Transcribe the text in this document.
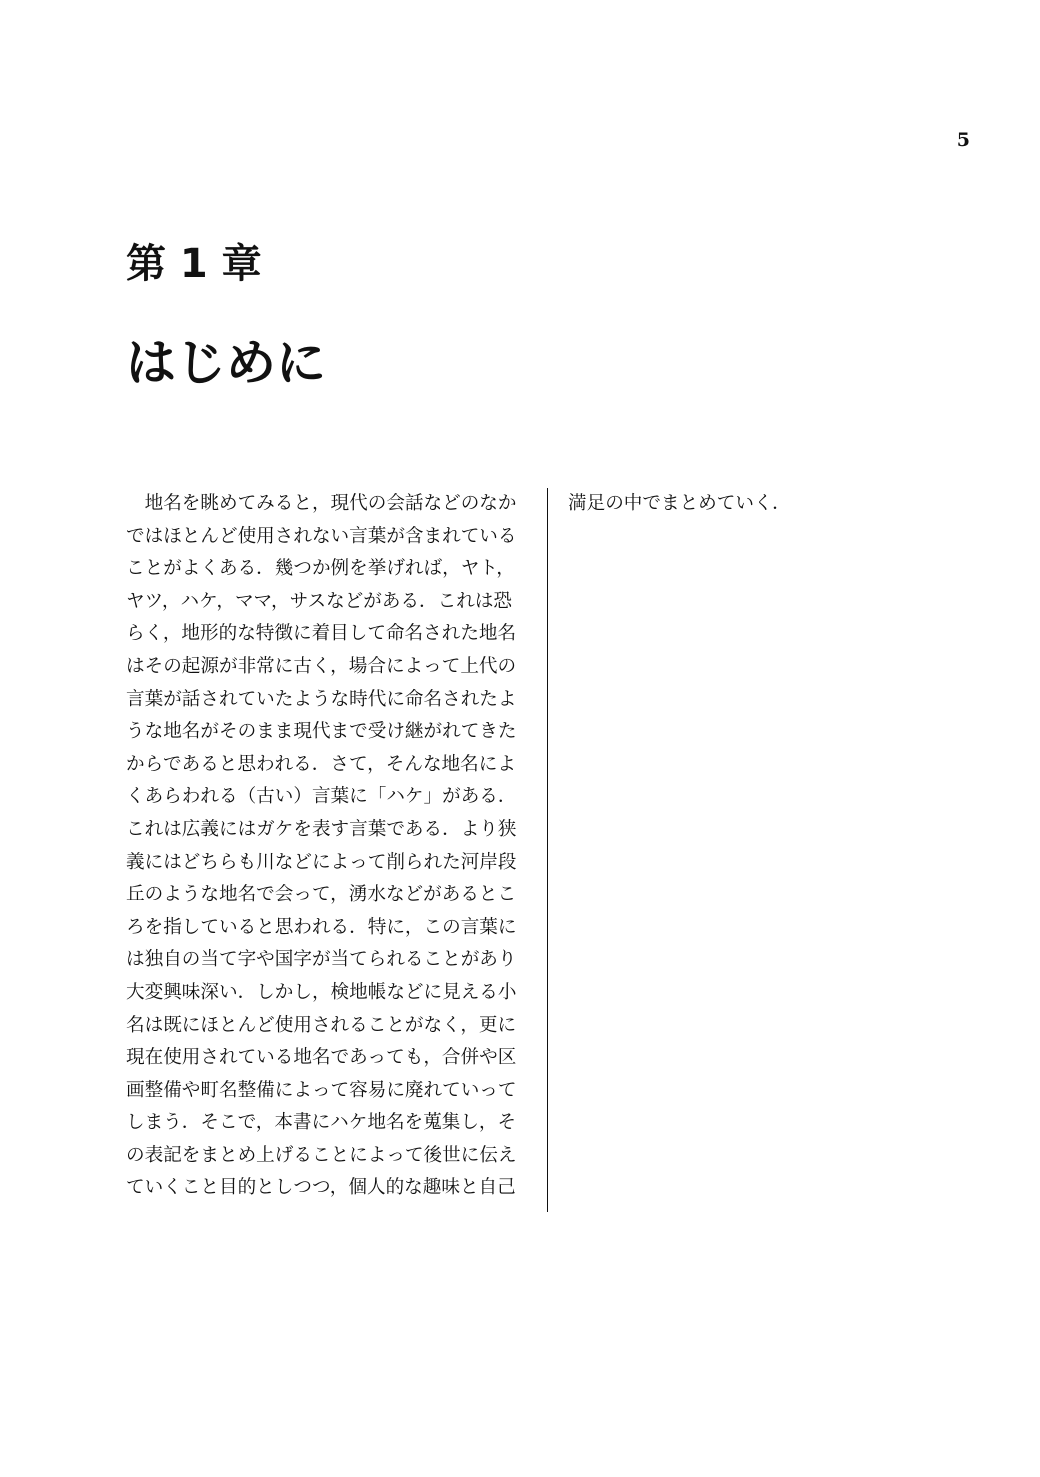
5
第 1 章
はじめに
　地名を眺めてみると，現代の会話などのなか
ではほとんど使用されない言葉が含まれている
ことがよくある．幾つか例を挙げれば，ヤト，
ヤツ，ハケ，ママ，サスなどがある．これは恐
らく，地形的な特徴に着目して命名された地名
はその起源が非常に古く，場合によって上代の
言葉が話されていたような時代に命名されたよ
うな地名がそのまま現代まで受け継がれてきた
からであると思われる．さて，そんな地名によ
くあらわれる（古い）言葉に「ハケ」がある．
これは広義にはガケを表す言葉である．より狭
義にはどちらも川などによって削られた河岸段
丘のような地名で会って，湧水などがあるとこ
ろを指していると思われる．特に，この言葉に
は独自の当て字や国字が当てられることがあり
大変興味深い．しかし，検地帳などに見える小
名は既にほとんど使用されることがなく，更に
現在使用されている地名であっても，合併や区
画整備や町名整備によって容易に廃れていって
しまう．そこで，本書にハケ地名を蒐集し，そ
の表記をまとめ上げることによって後世に伝え
ていくこと目的としつつ，個人的な趣味と自己
満足の中でまとめていく．
